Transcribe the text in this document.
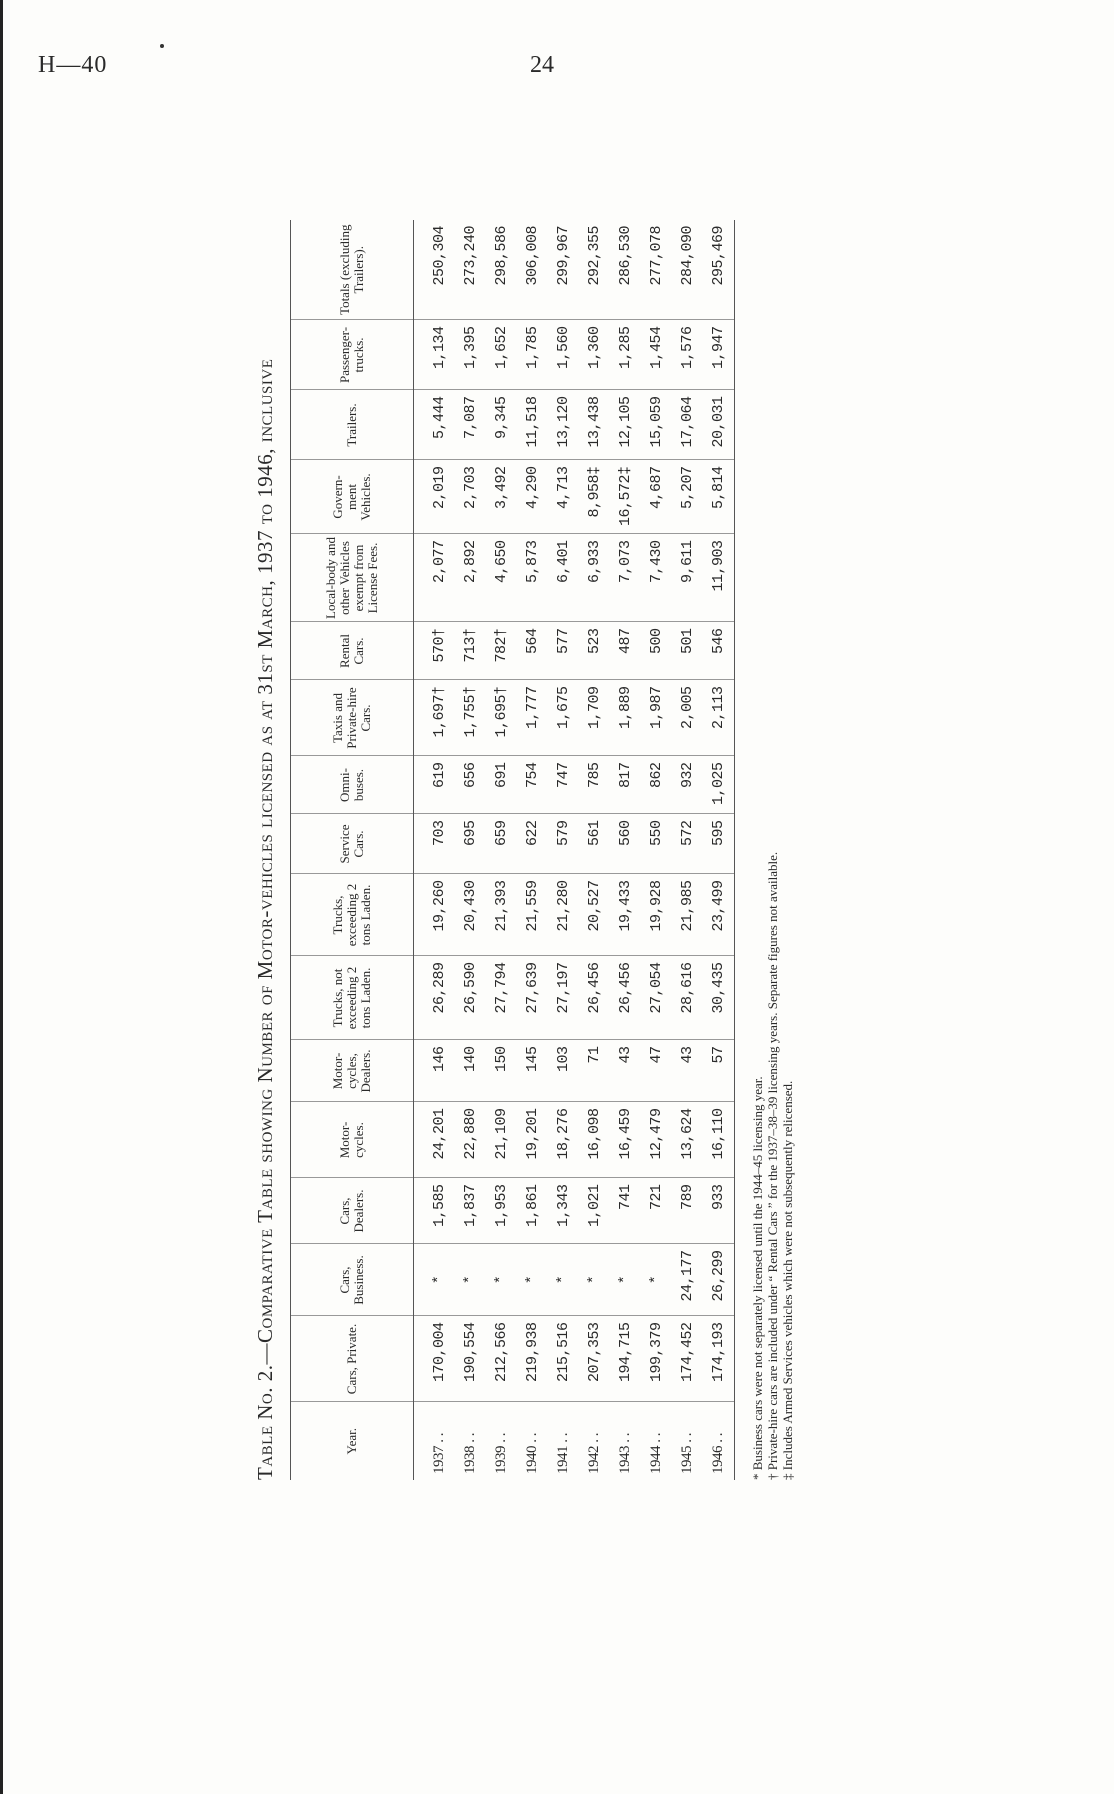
H—40	24
Table No. 2.—Comparative Table showing Number of Motor-vehicles licensed as at 31st March, 1937 to 1946, inclusive	Year.	Cars, Private.	Cars, Business.	Cars, Dealers.	Motor-cycles.	Motor-cycles, Dealers.	Trucks, not exceeding 2 tons Laden.	Trucks, exceeding 2 tons Laden.	Service Cars.	Omni-buses.	Taxis and Private-hire Cars.	Rental Cars.	Local-body and other Vehicles exempt from License Fees.	Govern-ment Vehicles.	Trailers.	Passenger-trucks.	Totals (excluding Trailers).
1937 . .	170,004	*	1,585	24,201	146	26,289	19,260	703	619	1,697†	570†	2,077	2,019	5,444	1,134	250,304
1938 . .	190,554	*	1,837	22,880	140	26,590	20,430	695	656	1,755†	713†	2,892	2,703	7,087	1,395	273,240
1939 . .	212,566	*	1,953	21,109	150	27,794	21,393	659	691	1,695†	782†	4,650	3,492	9,345	1,652	298,586
1940 . .	219,938	*	1,861	19,201	145	27,639	21,559	622	754	1,777	564	5,873	4,290	11,518	1,785	306,008
1941 . .	215,516	*	1,343	18,276	103	27,197	21,280	579	747	1,675	577	6,401	4,713	13,120	1,560	299,967
1942 . .	207,353	*	1,021	16,098	71	26,456	20,527	561	785	1,709	523	6,933	8,958‡	13,438	1,360	292,355
1943 . .	194,715	*	741	16,459	43	26,456	19,433	560	817	1,889	487	7,073	16,572‡	12,105	1,285	286,530
1944 . .	199,379	*	721	12,479	47	27,054	19,928	550	862	1,987	500	7,430	4,687	15,059	1,454	277,078
1945 . .	174,452	24,177	789	13,624	43	28,616	21,985	572	932	2,005	501	9,611	5,207	17,064	1,576	284,090
1946 . .	174,193	26,299	933	16,110	57	30,435	23,499	595	1,025	2,113	546	11,903	5,814	20,031	1,947	295,469
* Business cars were not separately licensed until the 1944–45 licensing year. † Private-hire cars are included under “ Rental Cars ” for the 1937–38–39 licensing years. Separate figures not available. ‡ Includes Armed Services vehicles which were not subsequently relicensed.
